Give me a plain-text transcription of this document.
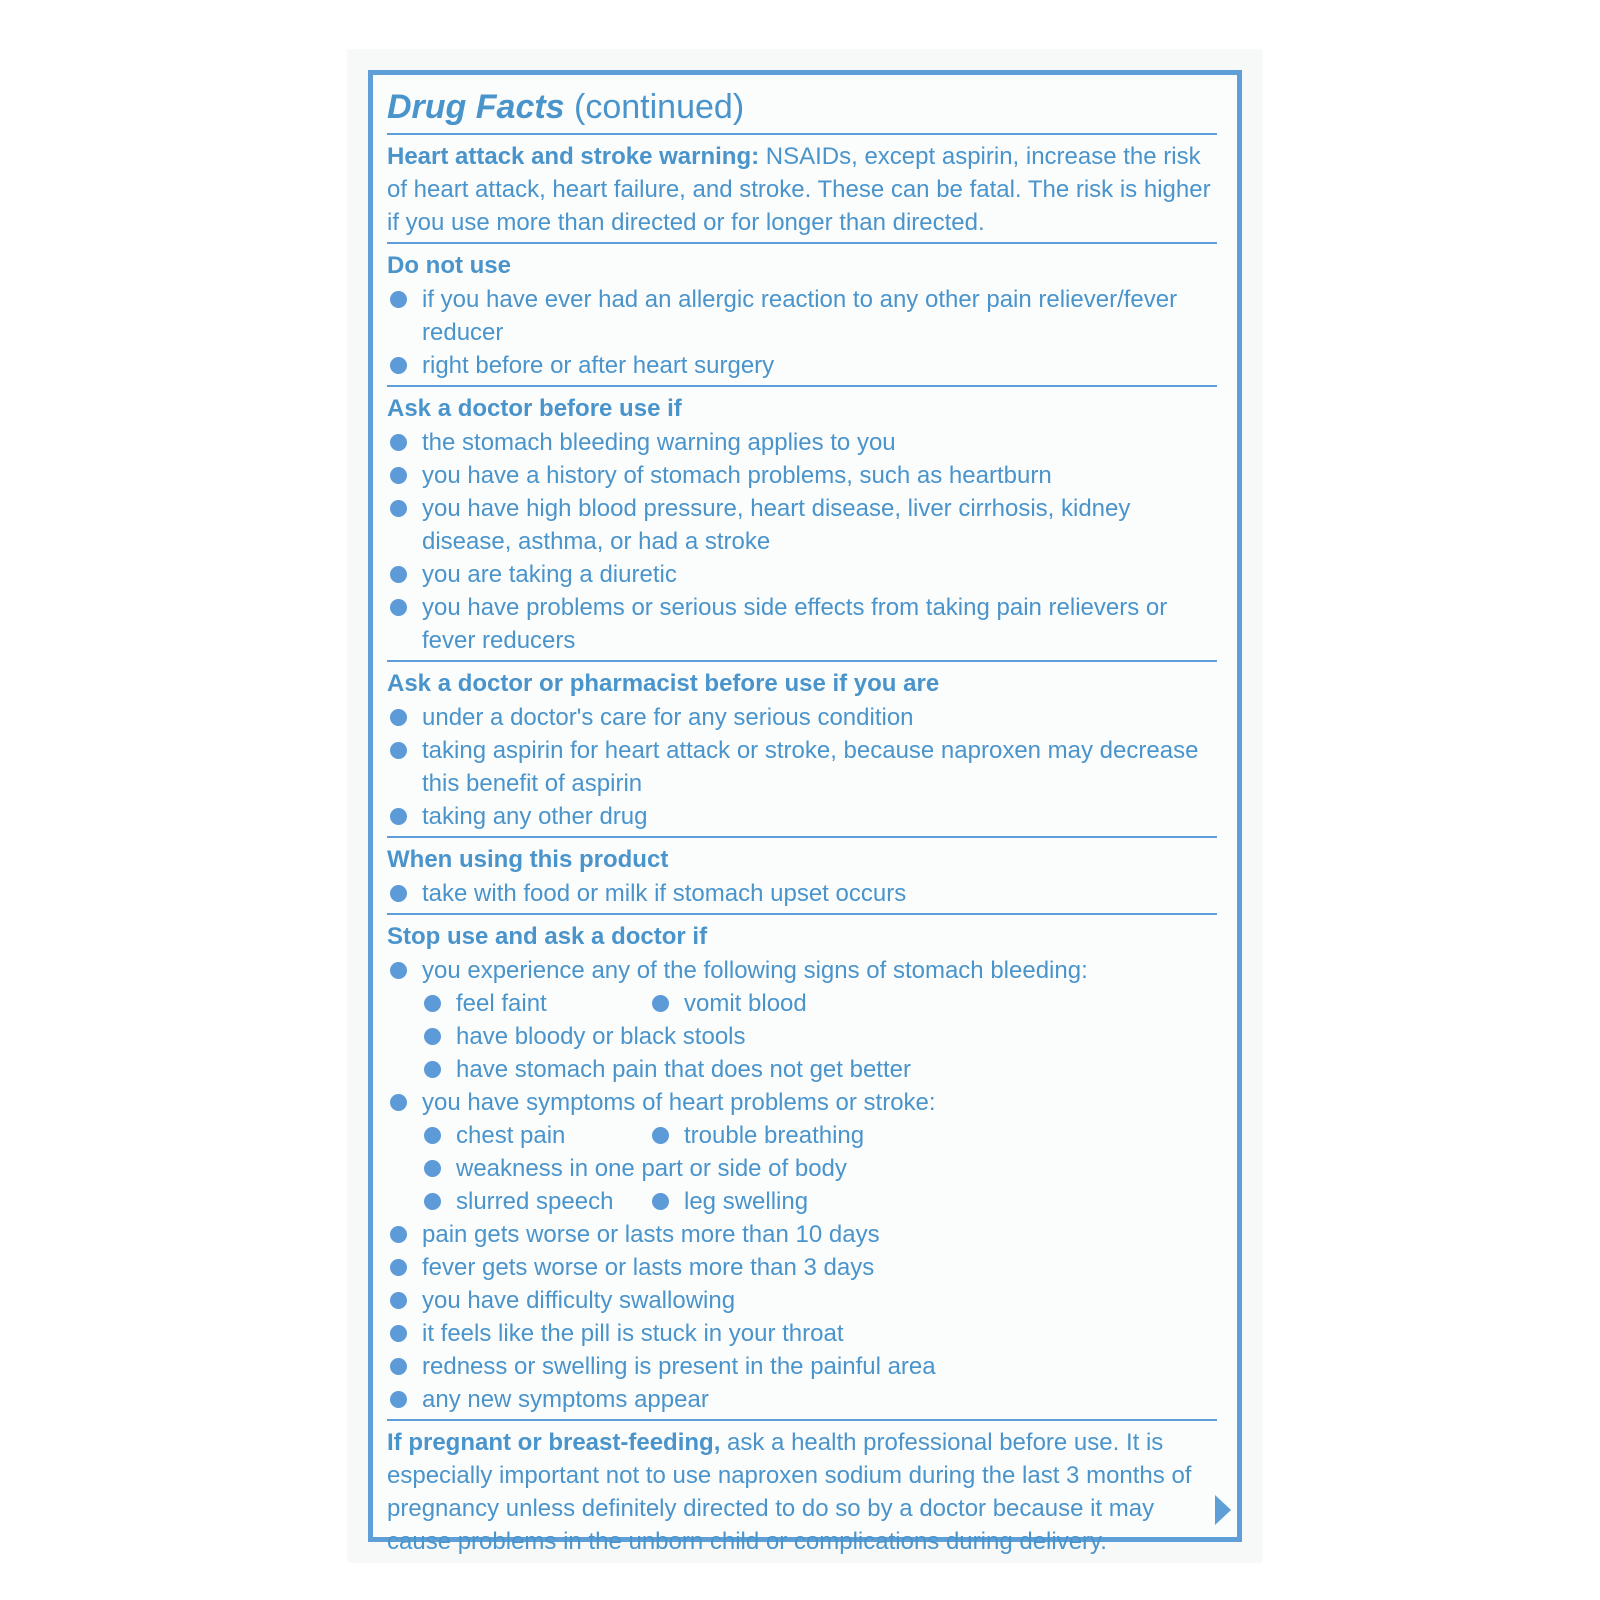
Drug Facts (continued)
Heart attack and stroke warning: NSAIDs, except aspirin, increase the risk of heart attack, heart failure, and stroke. These can be fatal. The risk is higher if you use more than directed or for longer than directed.
Do not use
if you have ever had an allergic reaction to any other pain reliever/fever reducer
right before or after heart surgery
Ask a doctor before use if
the stomach bleeding warning applies to you
you have a history of stomach problems, such as heartburn
you have high blood pressure, heart disease, liver cirrhosis, kidney disease, asthma, or had a stroke
you are taking a diuretic
you have problems or serious side effects from taking pain relievers or fever reducers
Ask a doctor or pharmacist before use if you are
under a doctor's care for any serious condition
taking aspirin for heart attack or stroke, because naproxen may decrease this benefit of aspirin
taking any other drug
When using this product
take with food or milk if stomach upset occurs
Stop use and ask a doctor if
you experience any of the following signs of stomach bleeding:
feel faint	vomit blood
have bloody or black stools
have stomach pain that does not get better
you have symptoms of heart problems or stroke:
chest pain	trouble breathing
weakness in one part or side of body
slurred speech	leg swelling
pain gets worse or lasts more than 10 days
fever gets worse or lasts more than 3 days
you have difficulty swallowing
it feels like the pill is stuck in your throat
redness or swelling is present in the painful area
any new symptoms appear
If pregnant or breast-feeding, ask a health professional before use. It is especially important not to use naproxen sodium during the last 3 months of pregnancy unless definitely directed to do so by a doctor because it may cause problems in the unborn child or complications during delivery.
